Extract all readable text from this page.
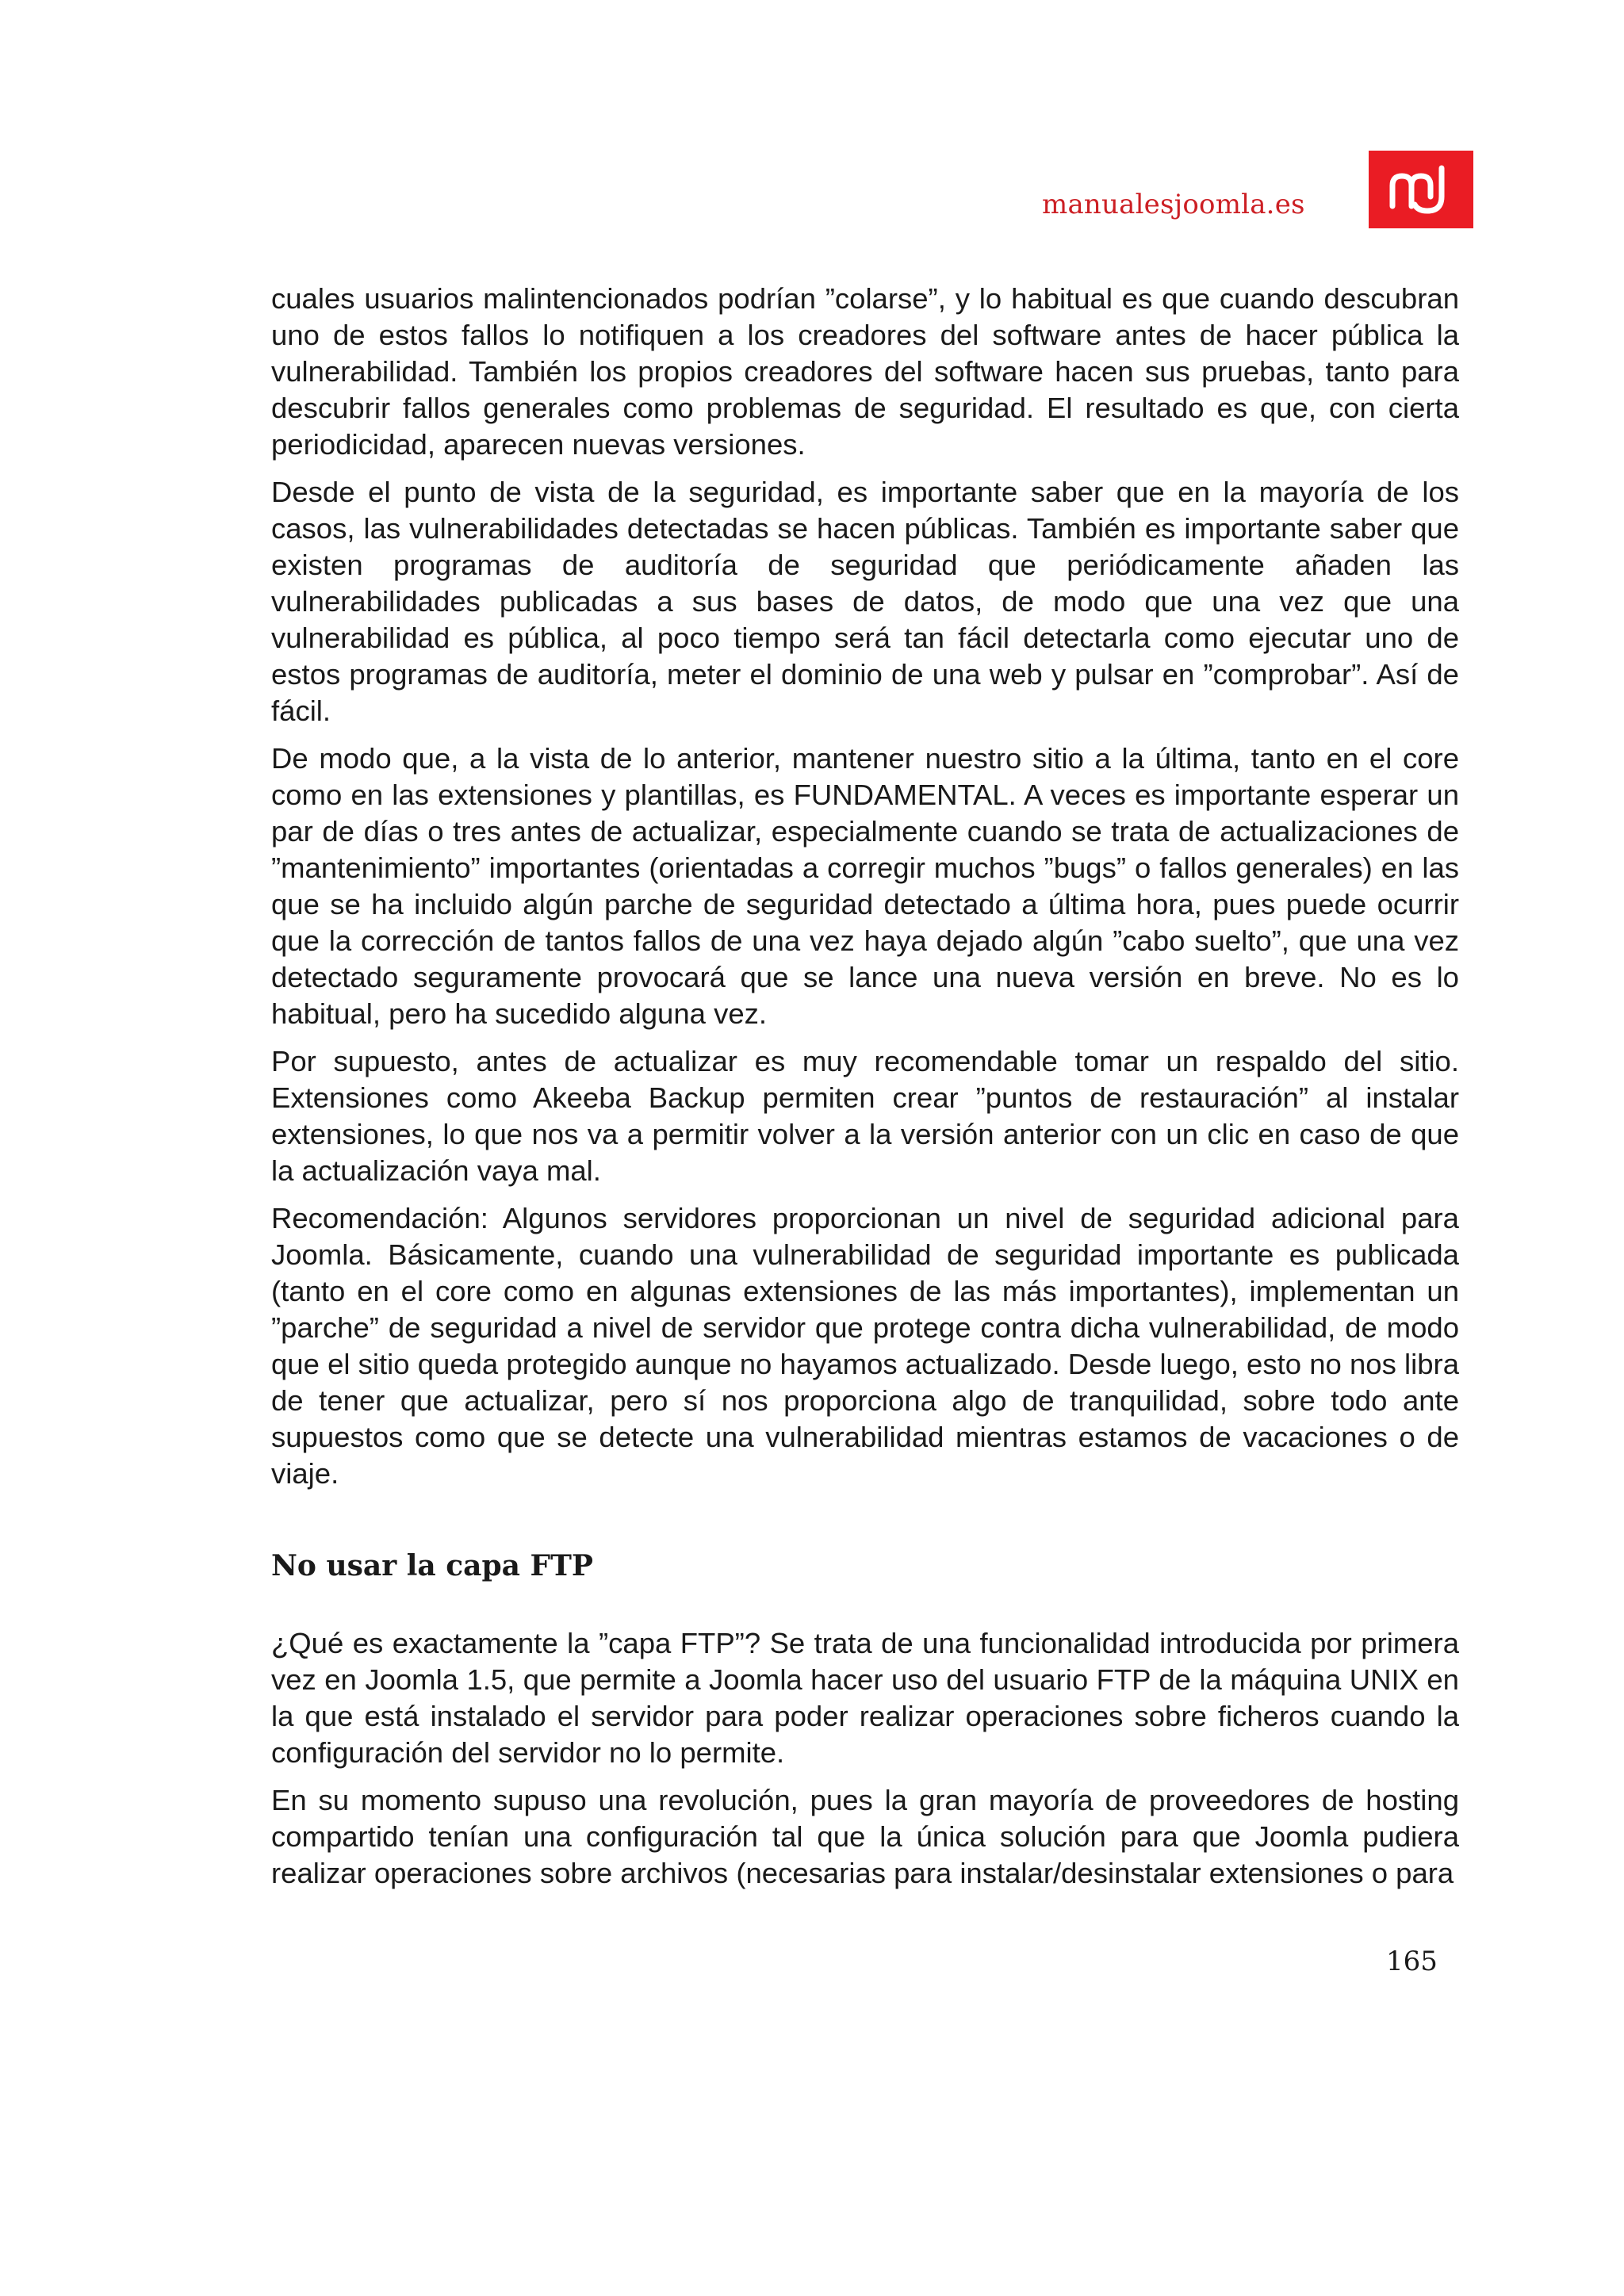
manualesjoomla.es

cuales usuarios malintencionados podrían ”colarse”, y lo habitual es que cuando descubran uno de estos fallos lo notifiquen a los creadores del software antes de hacer pública la vulnerabilidad. También los propios creadores del software hacen sus pruebas, tanto para descubrir fallos generales como problemas de seguridad. El resultado es que, con cierta periodicidad, aparecen nuevas versiones.

Desde el punto de vista de la seguridad, es importante saber que en la mayoría de los casos, las vulnerabilidades detectadas se hacen públicas. También es importante saber que existen programas de auditoría de seguridad que periódicamente añaden las vulnerabilidades publicadas a sus bases de datos, de modo que una vez que una vulnerabilidad es pública, al poco tiempo será tan fácil detectarla como ejecutar uno de estos programas de auditoría, meter el dominio de una web y pulsar en ”comprobar”. Así de fácil.

De modo que, a la vista de lo anterior, mantener nuestro sitio a la última, tanto en el core como en las extensiones y plantillas, es FUNDAMENTAL. A veces es importante esperar un par de días o tres antes de actualizar, especialmente cuando se trata de actualizaciones de ”mantenimiento” importantes (orientadas a corregir muchos ”bugs” o fallos generales) en las que se ha incluido algún parche de seguridad detectado a última hora, pues puede ocurrir que la corrección de tantos fallos de una vez haya dejado algún ”cabo suelto”, que una vez detectado seguramente provocará que se lance una nueva versión en breve. No es lo habitual, pero ha sucedido alguna vez.

Por supuesto, antes de actualizar es muy recomendable tomar un respaldo del sitio. Extensiones como Akeeba Backup permiten crear ”puntos de restauración” al instalar extensiones, lo que nos va a permitir volver a la versión anterior con un clic en caso de que la actualización vaya mal.

Recomendación: Algunos servidores proporcionan un nivel de seguridad adicional para Joomla. Básicamente, cuando una vulnerabilidad de seguridad importante es publicada (tanto en el core como en algunas extensiones de las más importantes), implementan un ”parche” de seguridad a nivel de servidor que protege contra dicha vulnerabilidad, de modo que el sitio queda protegido aunque no hayamos actualizado. Desde luego, esto no nos libra de tener que actualizar, pero sí nos proporciona algo de tranquilidad, sobre todo ante supuestos como que se detecte una vulnerabilidad mientras estamos de vacaciones o de viaje.

No usar la capa FTP

¿Qué es exactamente la ”capa FTP”? Se trata de una funcionalidad introducida por primera vez en Joomla 1.5, que permite a Joomla hacer uso del usuario FTP de la máquina UNIX en la que está instalado el servidor para poder realizar operaciones sobre ficheros cuando la configuración del servidor no lo permite.

En su momento supuso una revolución, pues la gran mayoría de proveedores de hosting compartido tenían una configuración tal que la única solución para que Joomla pudiera realizar operaciones sobre archivos (necesarias para instalar/desinstalar extensiones o para

165
